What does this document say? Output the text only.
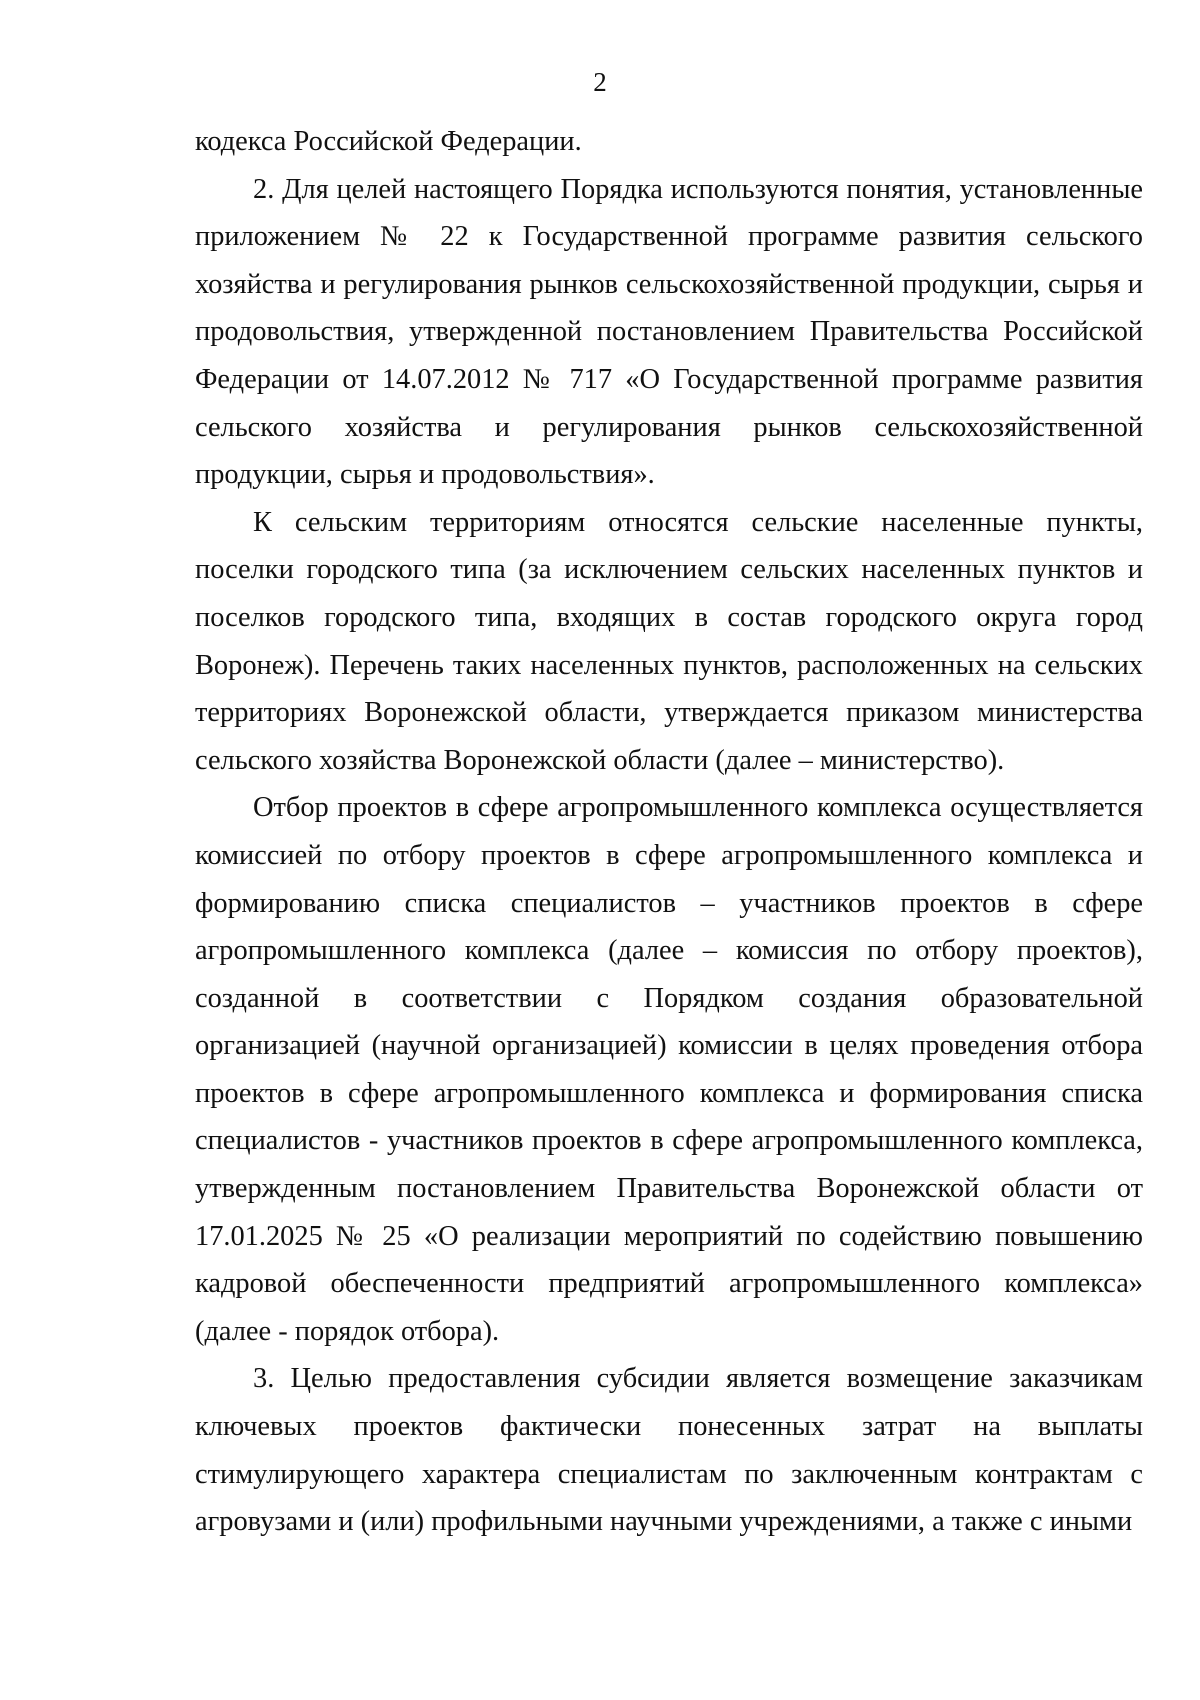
2

кодекса Российской Федерации.

2. Для целей настоящего Порядка используются понятия, установленные приложением № 22 к Государственной программе развития сельского хозяйства и регулирования рынков сельскохозяйственной продукции, сырья и продовольствия, утвержденной постановлением Правительства Российской Федерации от 14.07.2012 № 717 «О Государственной программе развития сельского хозяйства и регулирования рынков сельскохозяйственной продукции, сырья и продовольствия».

К сельским территориям относятся сельские населенные пункты, поселки городского типа (за исключением сельских населенных пунктов и поселков городского типа, входящих в состав городского округа город Воронеж). Перечень таких населенных пунктов, расположенных на сельских территориях Воронежской области, утверждается приказом министерства сельского хозяйства Воронежской области (далее – министерство).

Отбор проектов в сфере агропромышленного комплекса осуществляется комиссией по отбору проектов в сфере агропромышленного комплекса и формированию списка специалистов – участников проектов в сфере агропромышленного комплекса (далее – комиссия по отбору проектов), созданной в соответствии с Порядком создания образовательной организацией (научной организацией) комиссии в целях проведения отбора проектов в сфере агропромышленного комплекса и формирования списка специалистов - участников проектов в сфере агропромышленного комплекса, утвержденным постановлением Правительства Воронежской области от 17.01.2025 № 25 «О реализации мероприятий по содействию повышению кадровой обеспеченности предприятий агропромышленного комплекса» (далее - порядок отбора).

3. Целью предоставления субсидии является возмещение заказчикам ключевых проектов фактически понесенных затрат на выплаты стимулирующего характера специалистам по заключенным контрактам с агровузами и (или) профильными научными учреждениями, а также с иными
